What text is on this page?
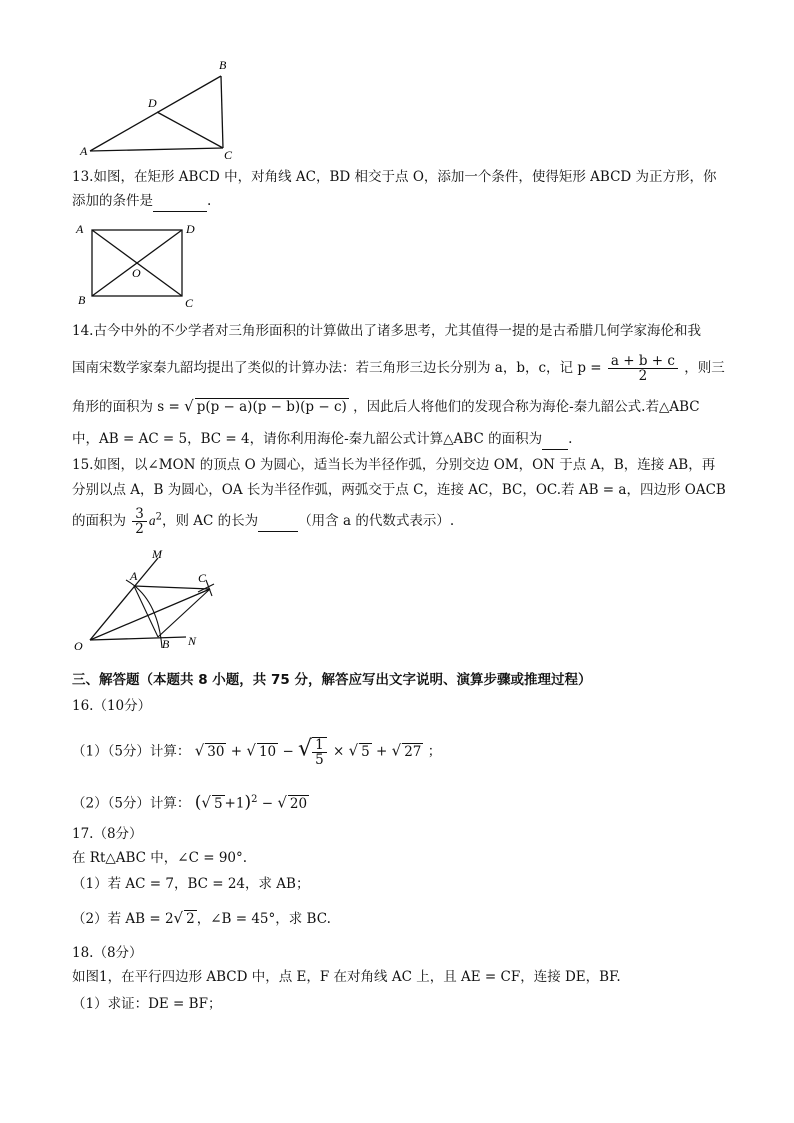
B
D
A	C
13.如图，在矩形 ABCD 中，对角线 AC，BD 相交于点 O，添加一个条件，使得矩形 ABCD 为正方形，你
添加的条件是	.
A	D
O
B	C
14.古今中外的不少学者对三角形面积的计算做出了诸多思考，尤其值得一提的是古希腊几何学家海伦和我
国南宋数学家秦九韶均提出了类似的计算办法：若三角形三边长分别为 a，b，c，记 $p = \frac{a + b + c}{2}$ ，则三
角形的面积为 s = √ p(p − a)(p − b)(p − c) ，因此后人将他们的发现合称为海伦-秦九韶公式.若△ABC
中，AB = AC = 5，BC = 4，请你利用海伦-秦九韶公式计算△ABC 的面积为 .
15.如图，以∠MON 的顶点 O 为圆心，适当长为半径作弧，分别交边 OM，ON 于点 A，B，连接 AB，再
分别以点 A，B 为圆心，OA 长为半径作弧，两弧交于点 C，连接 AC，BC，OC.若 AB = a，四边形 OACB
的面积为 $\frac{3}{2} a^2$，则 AC 的长为	（用含 a 的代数式表示）.
M
A	C
O	B N
三、解答题（本题共 8 小题，共 75 分，解答应写出文字说明、演算步骤或推理过程）
16.（10分）
（1）（5分）计算： √ 30 + √ 10 − √ $\frac{1}{5}$ × √ 5 + √ 27 ；
（2）（5分）计算： (√ 5 +1)$^2$ − √ 20
17.（8分）
在 Rt△ABC 中，∠C = 90°.
（1）若 AC = 7，BC = 24，求 AB；
（2）若 AB = 2√ 2 ，∠B = 45°，求 BC.
18.（8分）
如图1，在平行四边形 ABCD 中，点 E，F 在对角线 AC 上，且 AE = CF，连接 DE，BF.
（1）求证：DE = BF；
